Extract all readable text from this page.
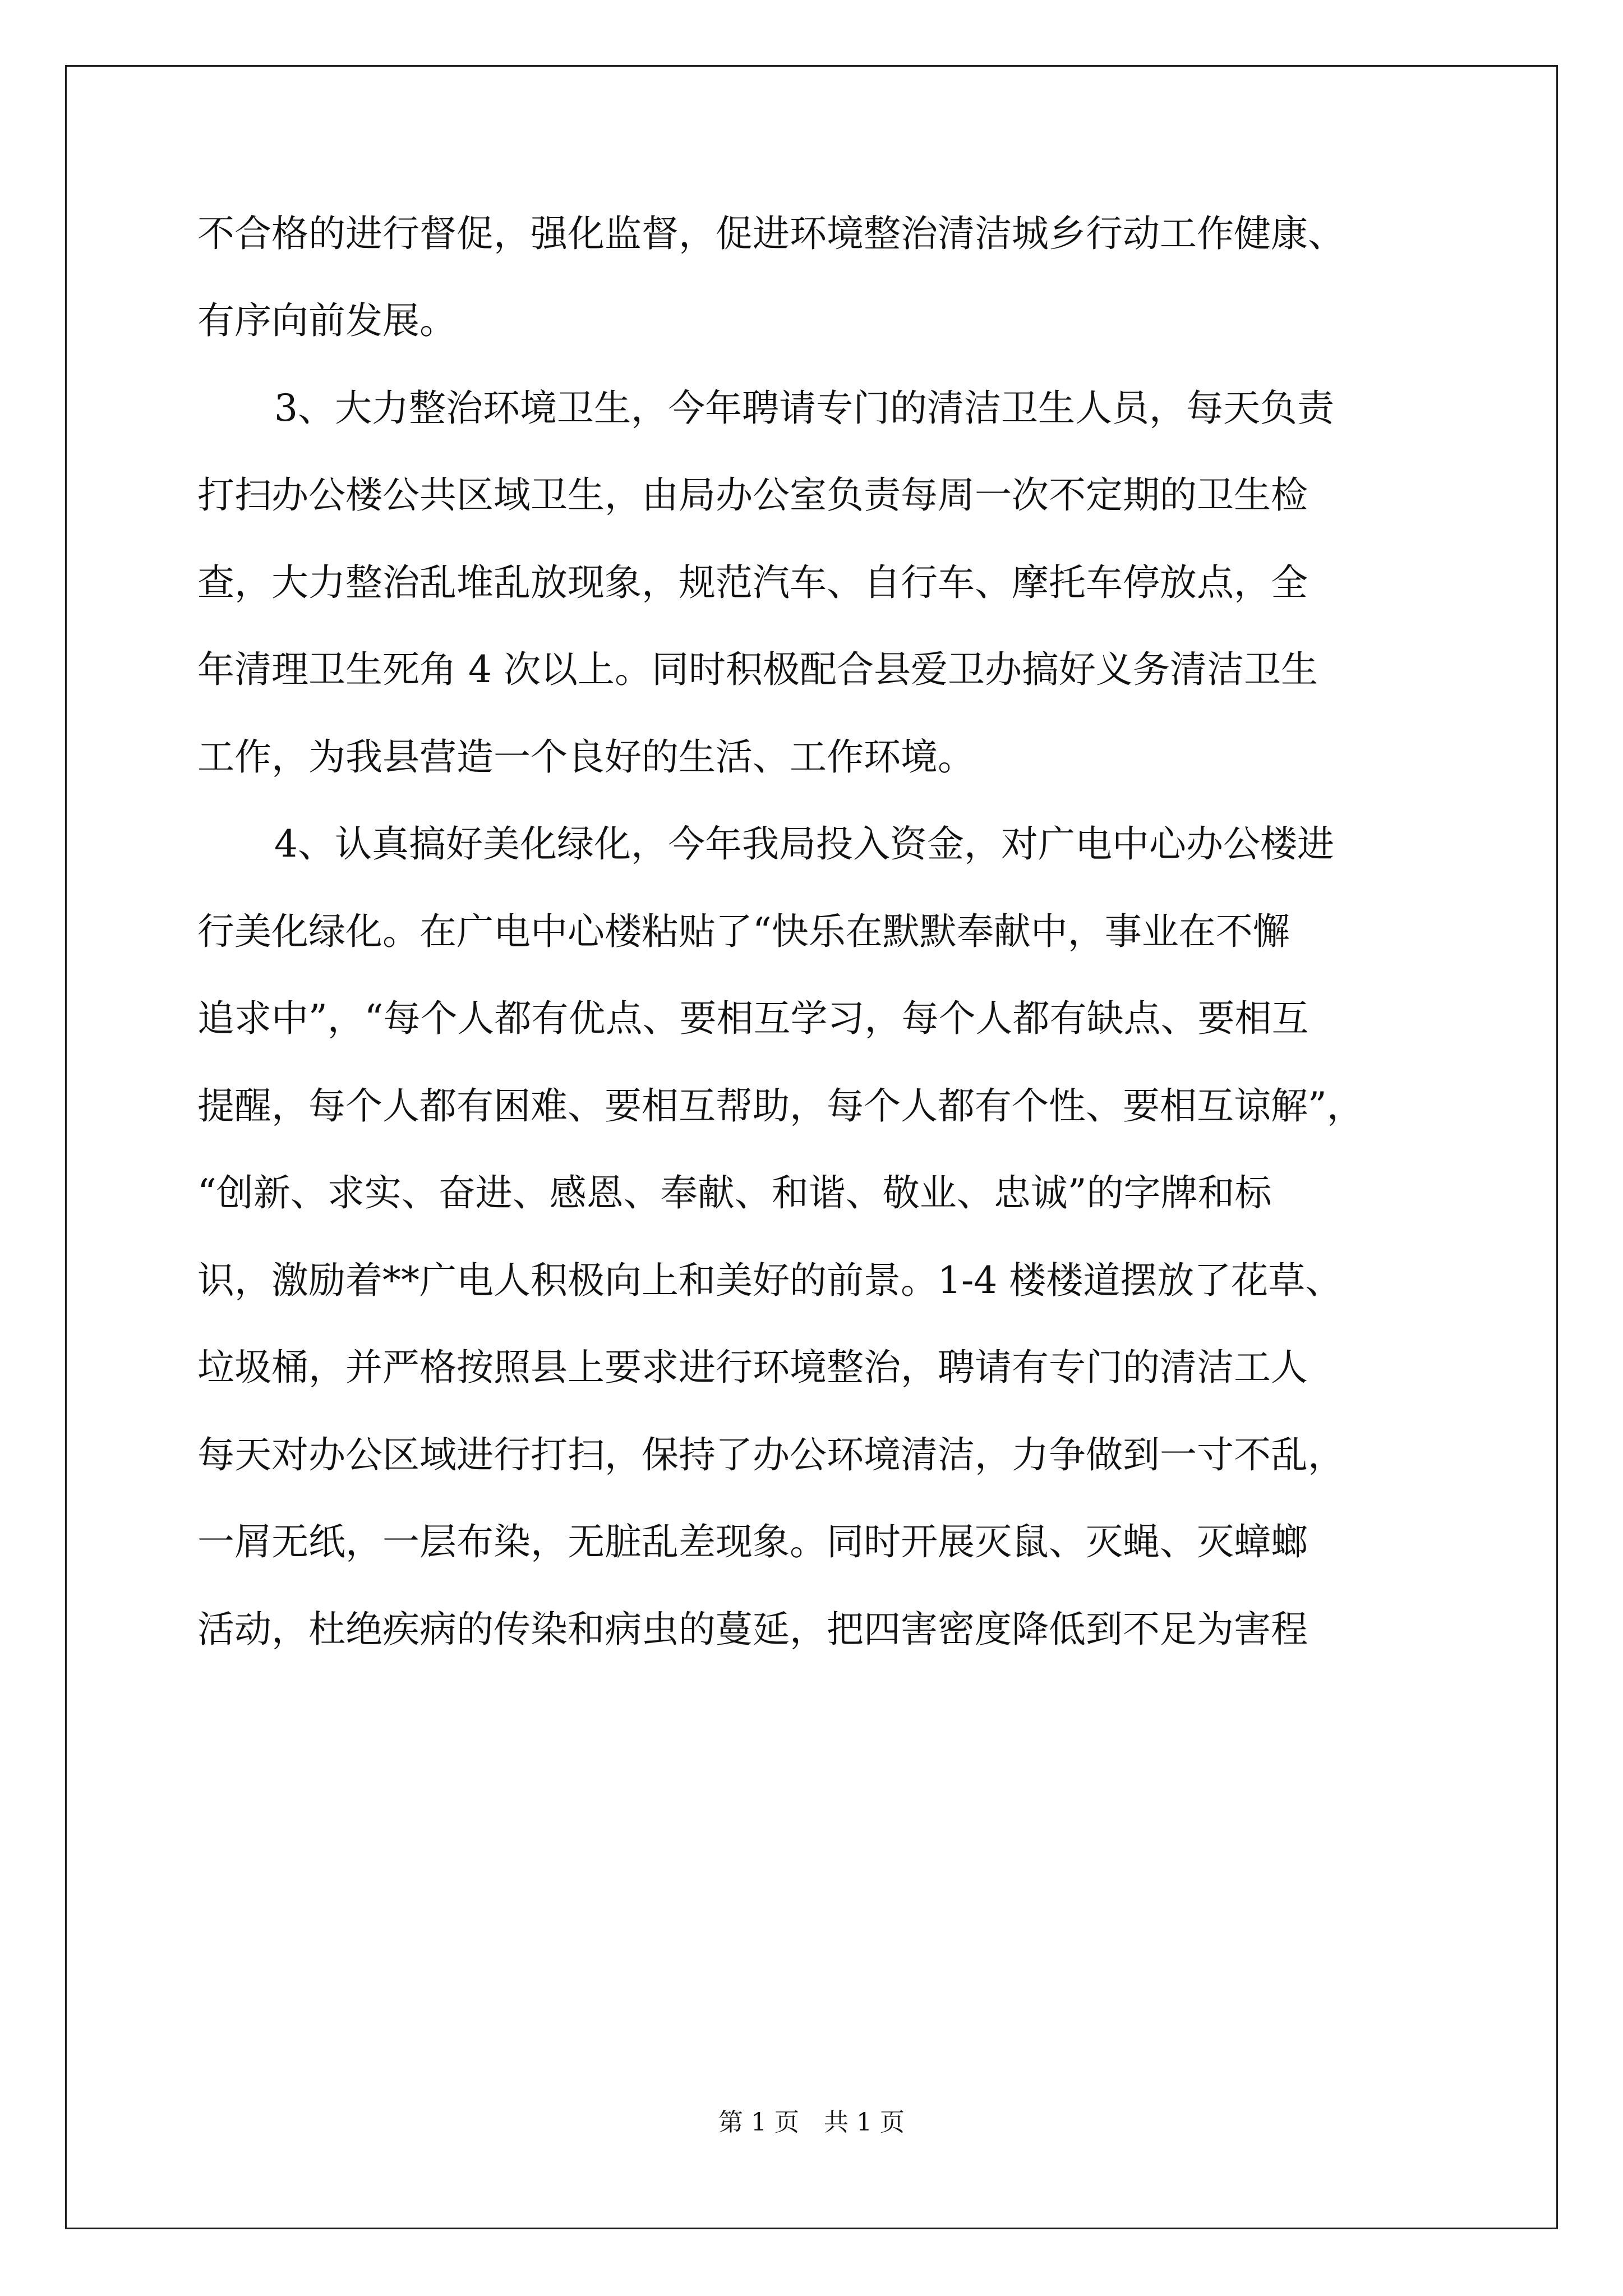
不合格的进行督促，强化监督，促进环境整治清洁城乡行动工作健康、
有序向前发展。
3、大力整治环境卫生，今年聘请专门的清洁卫生人员，每天负责
打扫办公楼公共区域卫生，由局办公室负责每周一次不定期的卫生检
查，大力整治乱堆乱放现象，规范汽车、自行车、摩托车停放点，全
年清理卫生死角 4 次以上。同时积极配合县爱卫办搞好义务清洁卫生
工作，为我县营造一个良好的生活、工作环境。
4、认真搞好美化绿化，今年我局投入资金，对广电中心办公楼进
行美化绿化。在广电中心楼粘贴了“快乐在默默奉献中，事业在不懈
追求中”，“每个人都有优点、要相互学习，每个人都有缺点、要相互
提醒，每个人都有困难、要相互帮助，每个人都有个性、要相互谅解”，
“创新、求实、奋进、感恩、奉献、和谐、敬业、忠诚”的字牌和标
识，激励着**广电人积极向上和美好的前景。1-4 楼楼道摆放了花草、
垃圾桶，并严格按照县上要求进行环境整治，聘请有专门的清洁工人
每天对办公区域进行打扫，保持了办公环境清洁，力争做到一寸不乱，
一屑无纸，一层布染，无脏乱差现象。同时开展灭鼠、灭蝇、灭蟑螂
活动，杜绝疾病的传染和病虫的蔓延，把四害密度降低到不足为害程
第 1 页 共 1 页
